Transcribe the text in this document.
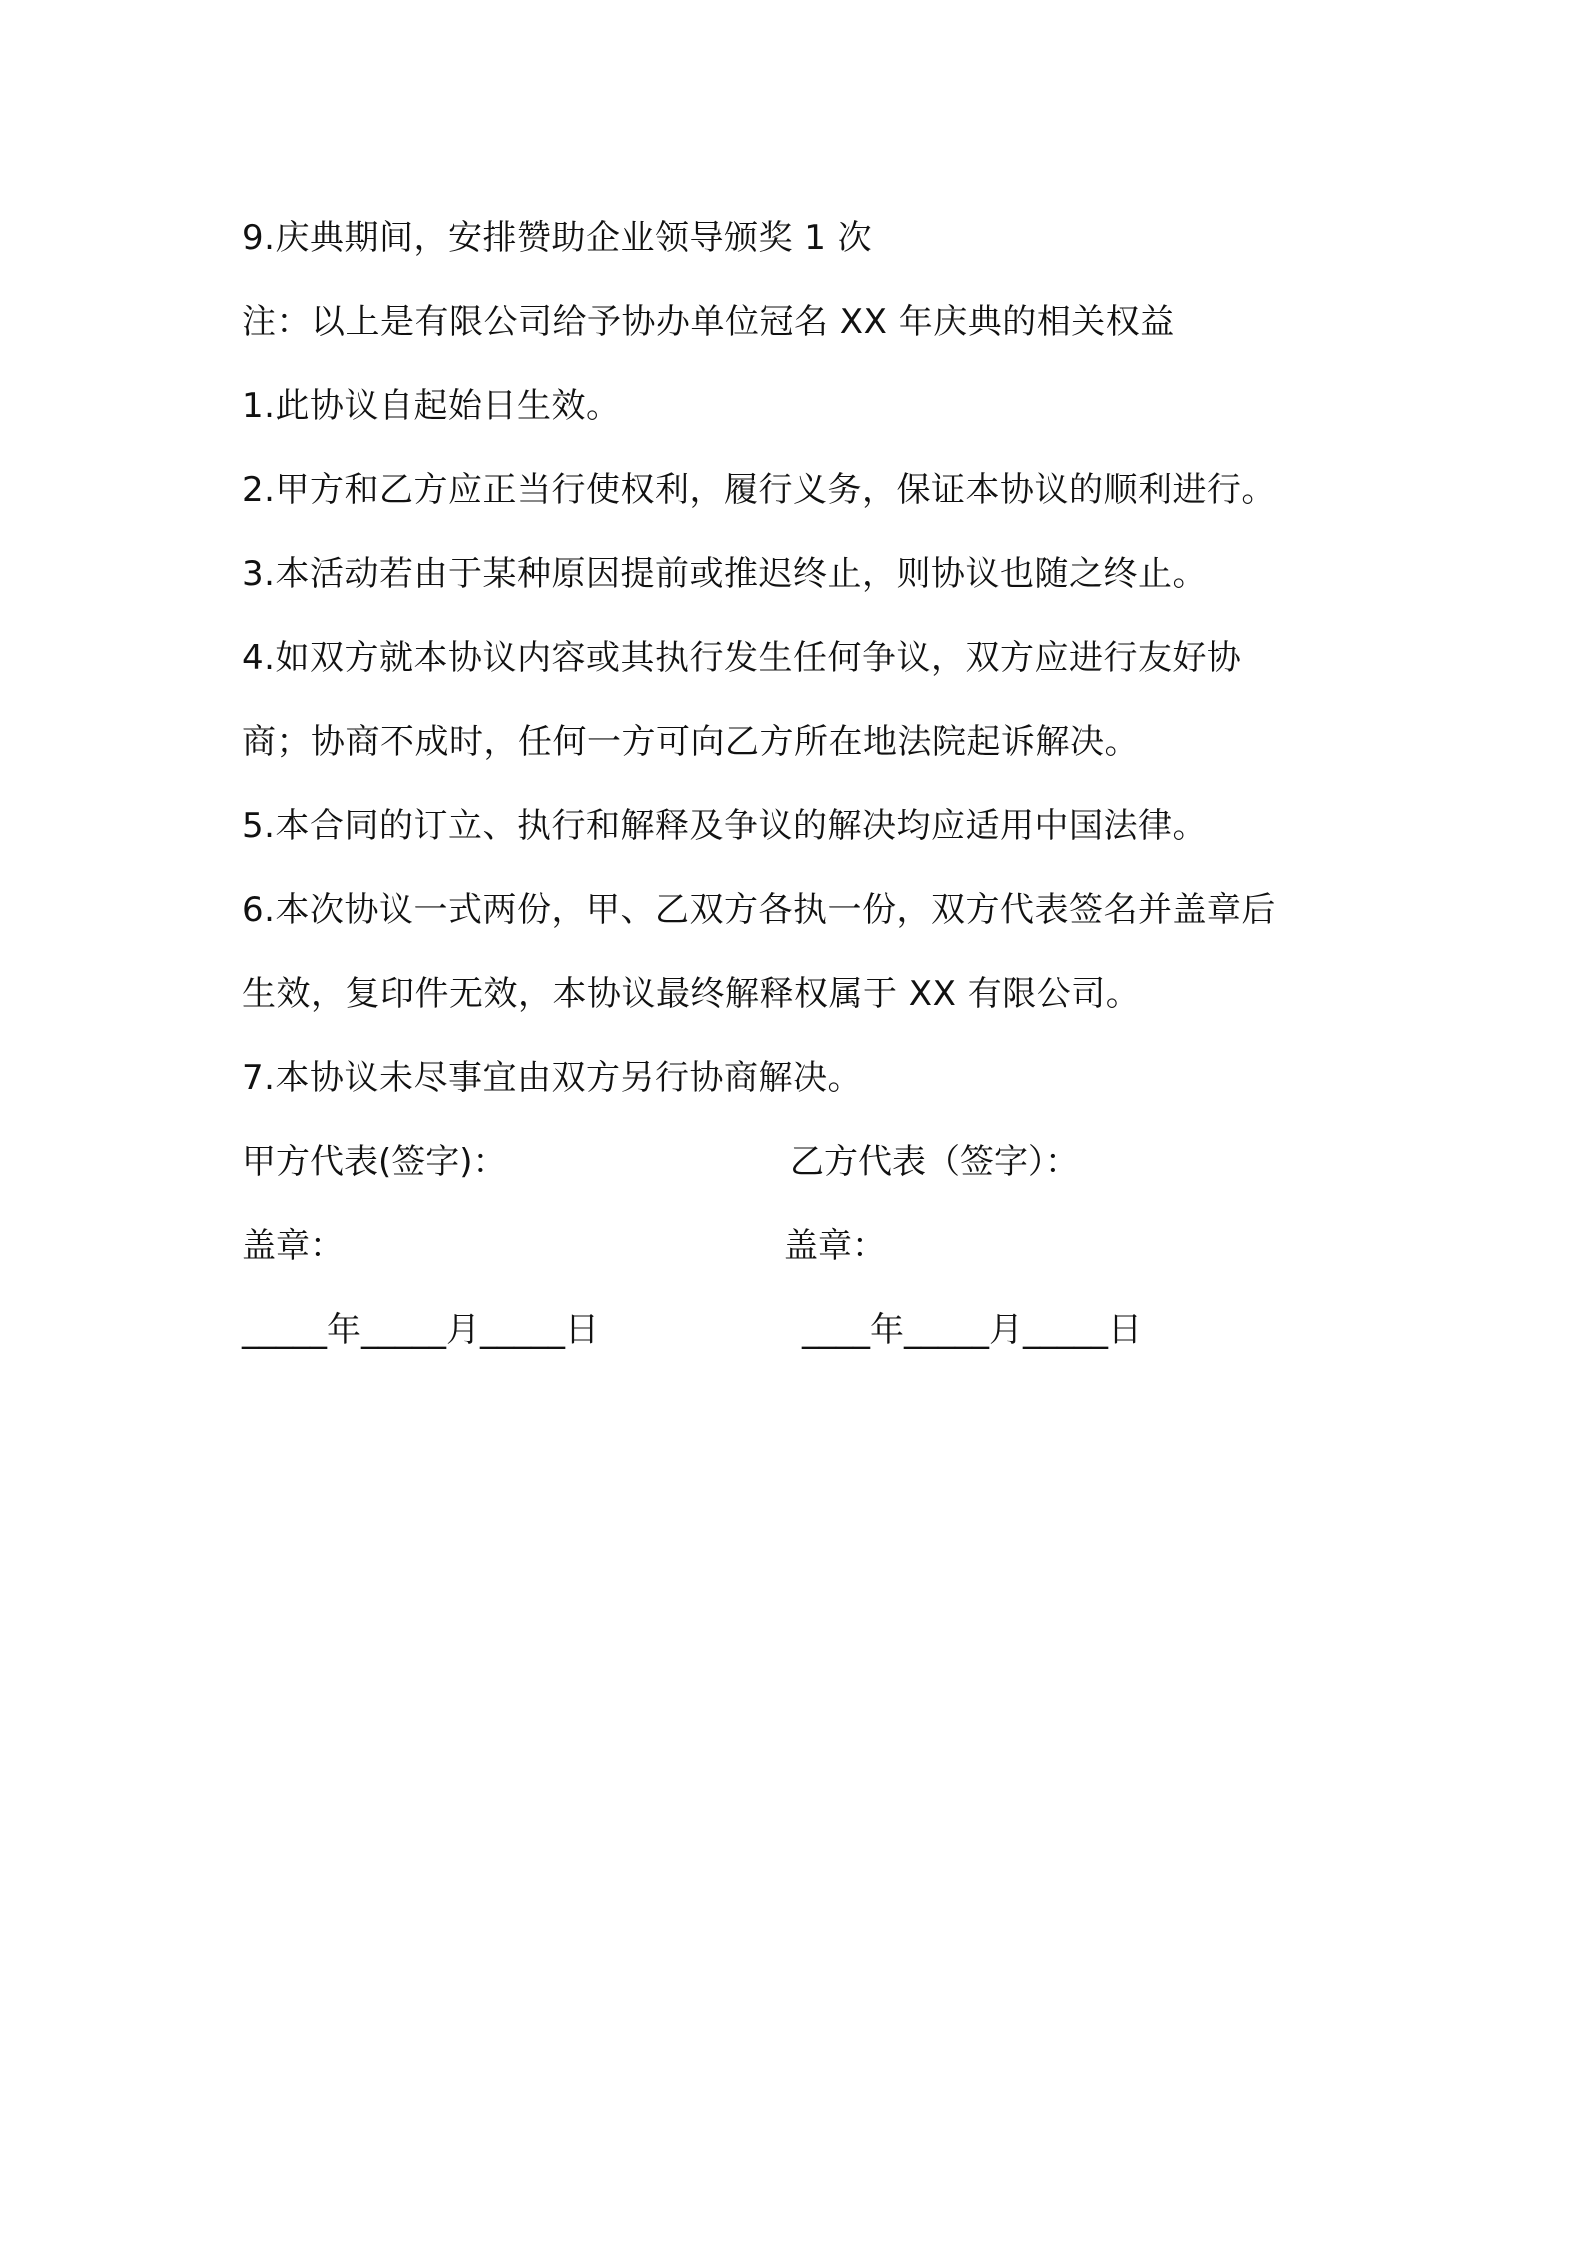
9.庆典期间，安排赞助企业领导颁奖 1 次
注：以上是有限公司给予协办单位冠名 XX 年庆典的相关权益
1.此协议自起始日生效。
2.甲方和乙方应正当行使权利，履行义务，保证本协议的顺利进行。
3.本活动若由于某种原因提前或推迟终止，则协议也随之终止。
4.如双方就本协议内容或其执行发生任何争议，双方应进行友好协
商；协商不成时，任何一方可向乙方所在地法院起诉解决。
5.本合同的订立、执行和解释及争议的解决均应适用中国法律。
6.本次协议一式两份，甲、乙双方各执一份，双方代表签名并盖章后
生效，复印件无效，本协议最终解释权属于 XX 有限公司。
7.本协议未尽事宜由双方另行协商解决。
甲方代表(签字)：	乙方代表（签字）：
盖章：	盖章：
_____年_____月_____日	____年_____月_____日
